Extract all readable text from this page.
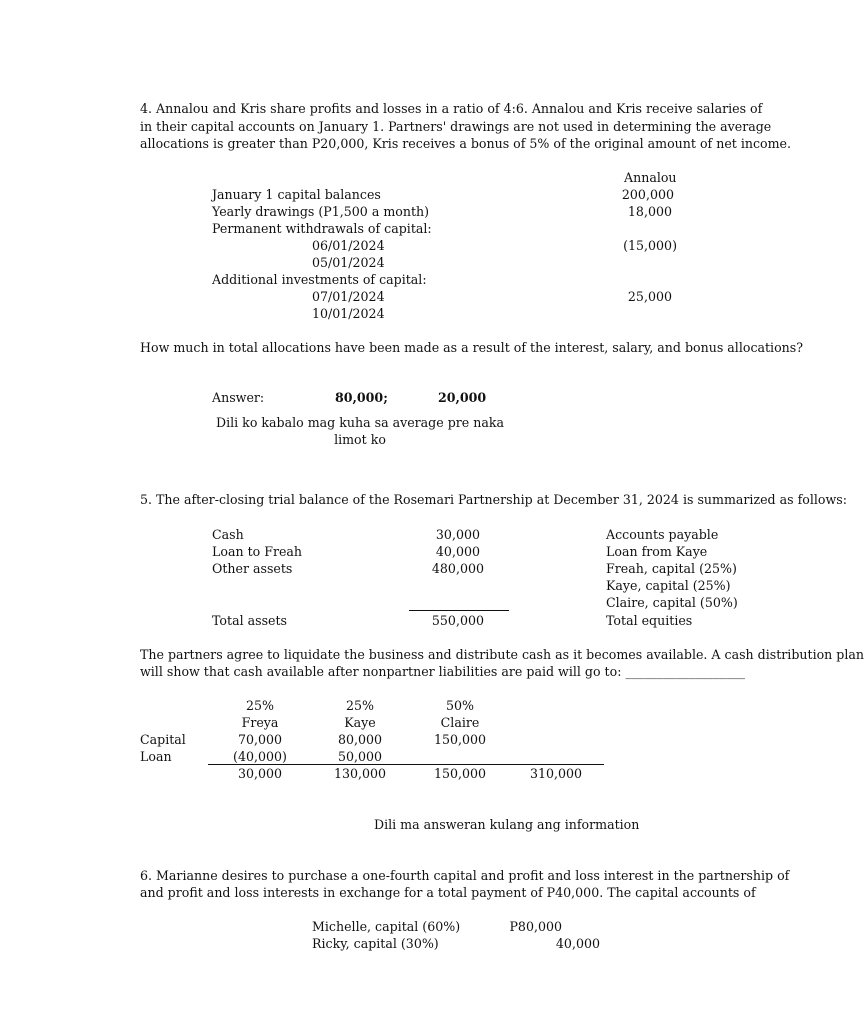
4. Annalou and Kris share profits and losses in a ratio of 4:6. Annalou and Kris receive salaries of
in their capital accounts on January 1. Partners' drawings are not used in determining the average
allocations is greater than P20,000, Kris receives a bonus of 5% of the original amount of net income.
Annalou
January 1 capital balances	200,000
Yearly drawings (P1,500 a month)	18,000
Permanent withdrawals of capital:
06/01/2024	(15,000)
05/01/2024
Additional investments of capital:
07/01/2024	25,000
10/01/2024
How much in total allocations have been made as a result of the interest, salary, and bonus allocations?
Answer:	80,000;	20,000
Dili ko kabalo mag kuha sa average pre naka
limot ko
5. The after-closing trial balance of the Rosemari Partnership at December 31, 2024 is summarized as follows:
Cash	30,000	Accounts payable
Loan to Freah	40,000	Loan from Kaye
Other assets	480,000	Freah, capital (25%)
Kaye, capital (25%)
Claire, capital (50%)
Total assets	550,000	Total equities
The partners agree to liquidate the business and distribute cash as it becomes available. A cash distribution plan
will show that cash available after nonpartner liabilities are paid will go to: ___________________
25%	25%	50%
Freya	Kaye	Claire
Capital	70,000	80,000	150,000
Loan	(40,000)	50,000
30,000	130,000	150,000	310,000
Dili ma answeran kulang ang information
6. Marianne desires to purchase a one-fourth capital and profit and loss interest in the partnership of
and profit and loss interests in exchange for a total payment of P40,000. The capital accounts of
Michelle, capital (60%)	P80,000
Ricky, capital (30%)	40,000
